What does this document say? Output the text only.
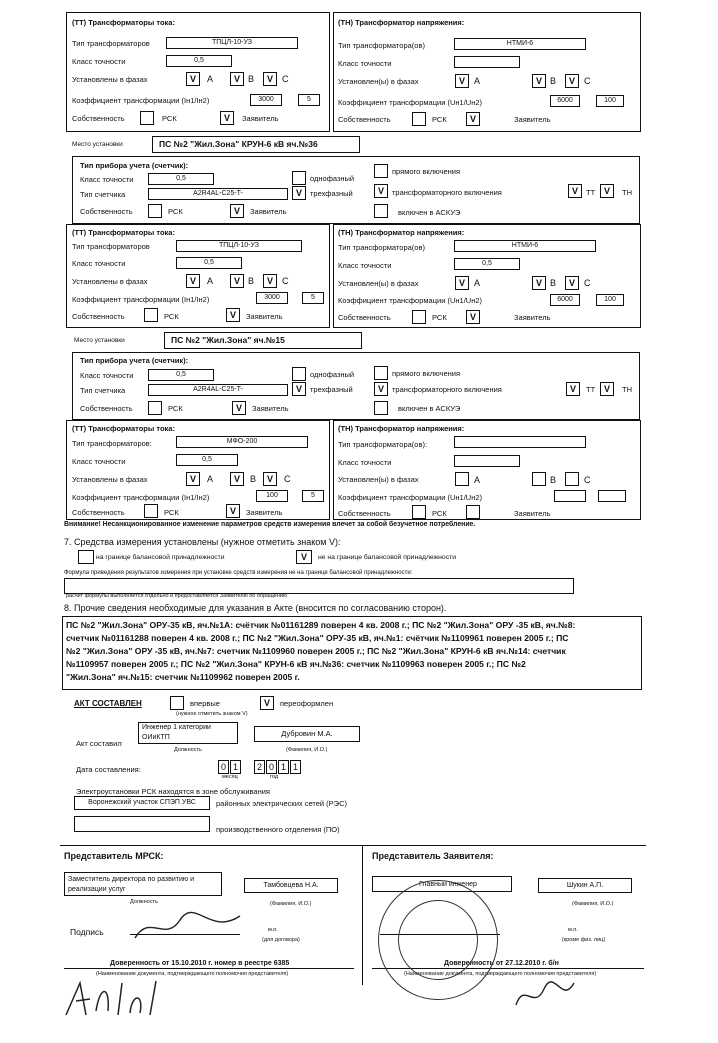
(ТТ) Трансформаторы тока:
Тип трансформаторов	ТПЦЛ-10-УЗ
Класс точности	0,5
Установлены в фазах	V	A	V B	V	C
Коэффициент трансформации (Iн1/Iн2)	3000	5
Собственность	РСК	V	Заявитель
(ТН) Трансформатор напряжения:
Тип трансформатора(ов)	НТМИ-6
Класс точности
Установлен(ы) в фазах	V	A	V B	V	C
Коэффициент трансформации (Uн1/Uн2)	6000	100
Собственность	РСК	V	Заявитель
Место установки	ПС №2 "Жил.Зона" КРУН-6 кВ яч.№36
Тип прибора учета (счетчик):
Класс точности	0,5	однофазный
прямого включения
Тип счетчика	A2R4AL-C25-T-	V	трехфазный	V	трансформаторного включения	V	ТТ V	ТН
Собственность	РСК	V	Заявитель	включен в АСКУЭ
(ТТ) Трансформаторы тока:
Тип трансформаторов	ТПЦЛ-10-УЗ
Класс точности	0,5
Установлены в фазах	V	A	V B	V	C
Коэффициент трансформации (Iн1/Iн2)	3000	5
Собственность	РСК	V	Заявитель
(ТН) Трансформатор напряжения:
Тип трансформатора(ов)	НТМИ-6
Класс точности	0,5
Установлен(ы) в фазах	V	A	V B	V	C
Коэффициент трансформации (Uн1/Uн2)	6000	100
Собственность	РСК	V	Заявитель
Место установки	ПС №2 "Жил.Зона" яч.№15
Тип прибора учета (счетчик):
Класс точности	0,5	однофазный	прямого включения
Тип счетчика	A2R4AL-C25-T-	V	трехфазный	V	трансформаторного включения	V	ТТ V	ТН
Собственность	РСК	V	Заявитель	включен в АСКУЭ
(ТТ) Трансформаторы тока:
Тип трансформаторов:	МФО-200
Класс точности	0,5
Установлены в фазах	V	A	V	B	V	C
Коэффициент трансформации (Iн1/Iн2)	100	5
Собственность	РСК	V	Заявитель
(ТН) Трансформатор напряжения:
Тип трансформатора(ов):
Класс точности
Установлен(ы) в фазах	A	B	C
Коэффициент трансформации (Uн1/Uн2)
Собственность	РСК	Заявитель
Внимание! Несанкционированное изменение параметров средств измерения влечет за собой безучетное потребление.
7. Средства измерения установлены (нужное отметить знаком V):
на границе балансовой принадлежности	V	не на границе балансовой принадлежности
Формула приведения результатов измерения при установке средств измерения не на границе балансовой принадлежности:
расчет формулы выполняется отдельно и предоставляется Заявителю по обращению
8. Прочие сведения необходимые для указания в Акте (вносится по согласованию сторон).
ПС №2 "Жил.Зона" ОРУ-35 кВ, яч.№1А: счётчик №01161289 поверен 4 кв. 2008 г.; ПС №2 "Жил.Зона" ОРУ -35 кВ, яч.№8:
счетчик №01161288 поверен 4 кв. 2008 г.; ПС №2 "Жил.Зона" ОРУ-35 кВ, яч.№1: счётчик №1109961 поверен 2005 г.; ПС
№2 "Жил.Зона" ОРУ -35 кВ, яч.№7: счетчик №1109960 поверен 2005 г.; ПС №2 "Жил.Зона" КРУН-6 кВ яч.№14: счетчик
№1109957 поверен 2005 г.; ПС №2 "Жил.Зона" КРУН-6 кВ яч.№36: счетчик №1109963 поверен 2005 г.; ПС №2
"Жил.Зона" яч.№15: счетчик №1109962 поверен 2005 г.
АКТ СОСТАВЛЕН	впервые	V	переоформлен
(нужное отметить знаком V)
Акт составил
Инженер 1 категории ОИиКТП
Должность
Дубровин М.А.
(Фамилия, И.О.)
Дата составления:	0 1	2 0 1 1
месяц	год
Электроустановки РСК находятся в зоне обслуживания
Воронежский участок СПЭП УВС	районных электрических сетей (РЭС)
производственного отделения (ПО)
Представитель МРСК:
Заместитель директора по развитию и реализации услуг
Должность
Тамбовцева Н.А.
(Фамилия, И.О.)
Подпись	м.п.
(для договора)
Доверенность от 15.10.2010 г. номер в реестре 6385
(Наименование документа, подтверждающего полномочия представителя)
Представитель Заявителя:
Главный инженер	Шукин А.П.
(Фамилия, И.О.)
м.п.
(кроме физ. лиц)
Доверенность от 27.12.2010 г. б/н
(Наименование документа, подтверждающего полномочия представителя)
